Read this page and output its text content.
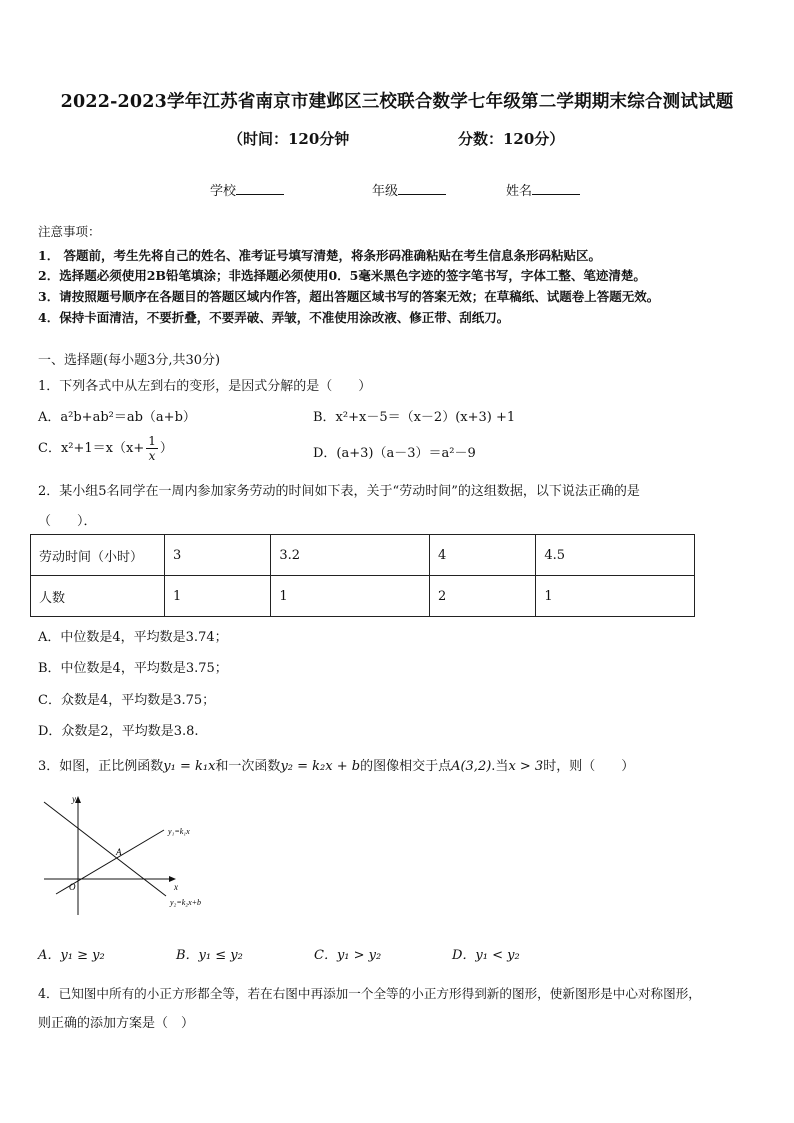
2022-2023学年江苏省南京市建邺区三校联合数学七年级第二学期期末综合测试试题
（时间：120分钟	分数：120分）
学校	年级	姓名
注意事项：
1． 答题前，考生先将自己的姓名、准考证号填写清楚，将条形码准确粘贴在考生信息条形码粘贴区。
2．选择题必须使用2B铅笔填涂；非选择题必须使用0．5毫米黑色字迹的签字笔书写，字体工整、笔迹清楚。
3．请按照题号顺序在各题目的答题区域内作答，超出答题区域书写的答案无效；在草稿纸、试题卷上答题无效。
4．保持卡面清洁，不要折叠，不要弄破、弄皱，不准使用涂改液、修正带、刮纸刀。
一、选择题(每小题3分,共30分)
1．下列各式中从左到右的变形，是因式分解的是（　　）
A．a²b+ab²＝ab（a+b）	B．x²+x－5＝（x－2）(x+3) +1
C．$x^2+1=x(x+ \frac{1}{x}$ ）	D．(a+3)（a－3）＝a²－9
2．某小组5名同学在一周内参加家务劳动的时间如下表，关于“劳动时间”的这组数据，以下说法正确的是
（　　）．
劳动时间（小时）	3	3.2	4	4.5
人数	1	1	2	1
A．中位数是4，平均数是3.74；
B．中位数是4，平均数是3.75；
C．众数是4，平均数是3.75；
D．众数是2，平均数是3.8.
3．如图，正比例函数y₁ = k₁x和一次函数y₂ = k₂x + b的图像相交于点A(3,2).当x > 3时，则（　　）
y
x
O
A
y₁=k₁x
y₂=k₂x+b
A．y₁ ≥ y₂	B．y₁ ≤ y₂	C．y₁ > y₂	D．y₁ < y₂
4．已知图中所有的小正方形都全等，若在右图中再添加一个全等的小正方形得到新的图形，使新图形是中心对称图形，
则正确的添加方案是（　）
